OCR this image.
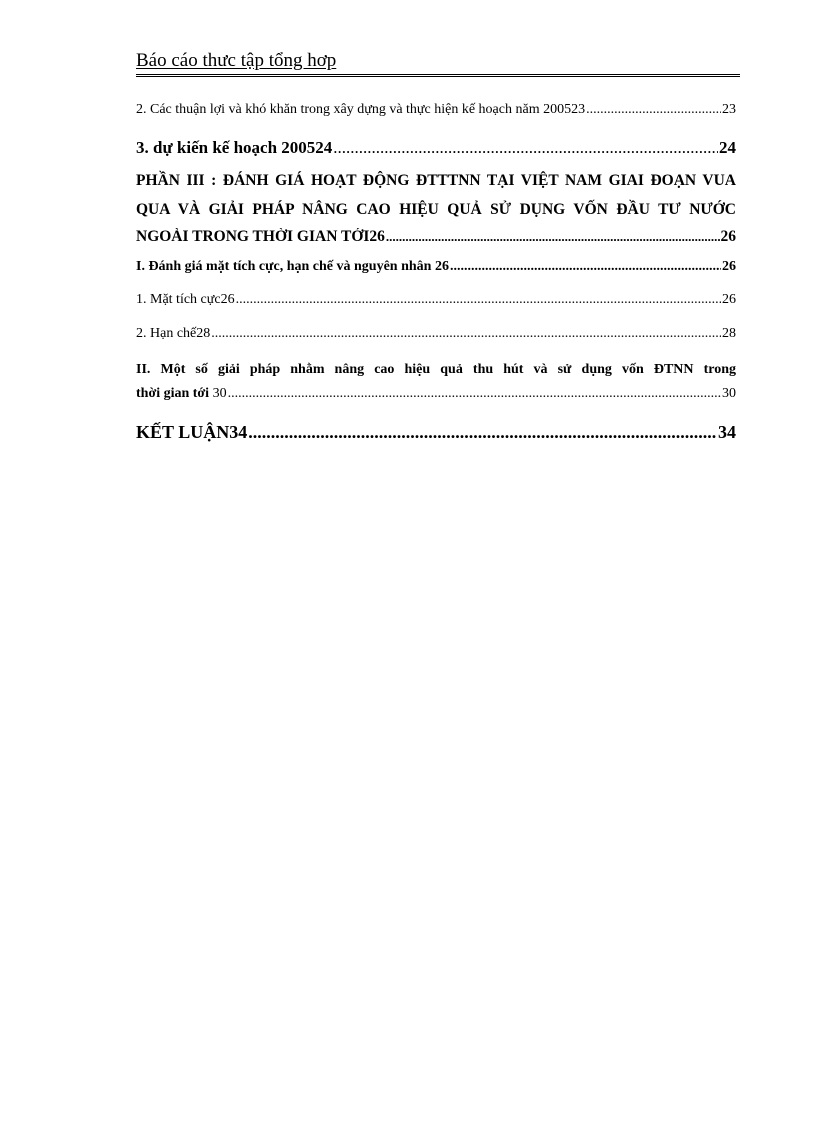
Báo cáo thưc tập tổng hơp
2. Các thuận lợi và khó khăn trong xây dựng và thực hiện kế hoạch năm 200523 .....	23
3. dự kiến kế hoạch 200524 .....	24
PHẦN III : ĐÁNH GIÁ HOẠT ĐỘNG ĐTTTNN TẠI VIỆT NAM GIAI ĐOẠN VUA
QUA VÀ GIẢI PHÁP NÂNG CAO HIỆU QUẢ SỬ DỤNG VỐN ĐẦU TƯ NƯỚC
NGOÀI TRONG THỜI GIAN TỚI26 .....	26
I. Đánh giá mặt tích cực, hạn chế và nguyên nhân 26 .....	26
1. Mặt tích cực26 .....	26
2. Hạn chế28 .....	28
II. Một số giải pháp nhằm nâng cao hiệu quả thu hút và sử dụng vốn ĐTNN trong
thời gian tới 30 .....	30
KẾT LUẬN34 .....	34
